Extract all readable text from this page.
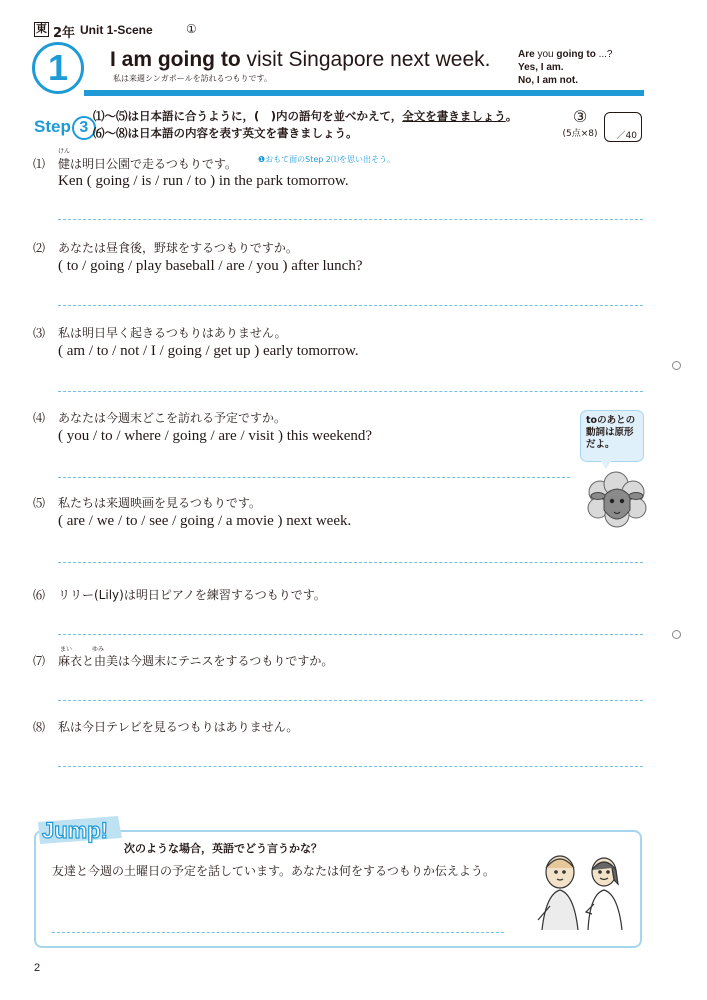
東 2年 Unit 1-Scene	①
1	I am going to visit Singapore next week.
私は来週シンガポールを訪れるつもりです。
Are you going to ...?
Yes, I am.
No, I am not.
Step 3
⑴〜⑸は日本語に合うように，(　)内の語句を並べかえて，全文を書きましょう。
⑹〜⑻は日本語の内容を表す英文を書きましょう。
③
(5点×8)	／40
⑴
けん
健は明日公園で走るつもりです。	❶おもて面のStep 2⑴を思い出そう。
Ken ( going / is / run / to ) in the park tomorrow.
⑵ あなたは昼食後，野球をするつもりですか。
( to / going / play baseball / are / you ) after lunch?
⑶ 私は明日早く起きるつもりはありません。
( am / to / not / I / going / get up ) early tomorrow.
⑷ あなたは今週末どこを訪れる予定ですか。
( you / to / where / going / are / visit ) this weekend?
toのあとの
動詞は原形
だよ。
⑸ 私たちは来週映画を見るつもりです。
( are / we / to / see / going / a movie ) next week.
⑹ リリー(Lily)は明日ピアノを練習するつもりです。
まい	ゆみ
⑺ 麻衣と由美は今週末にテニスをするつもりですか。
⑻ 私は今日テレビを見るつもりはありません。
Jump!
次のような場合，英語でどう言うかな？
友達と今週の土曜日の予定を話しています。あなたは何をするつもりか伝えよう。
2
